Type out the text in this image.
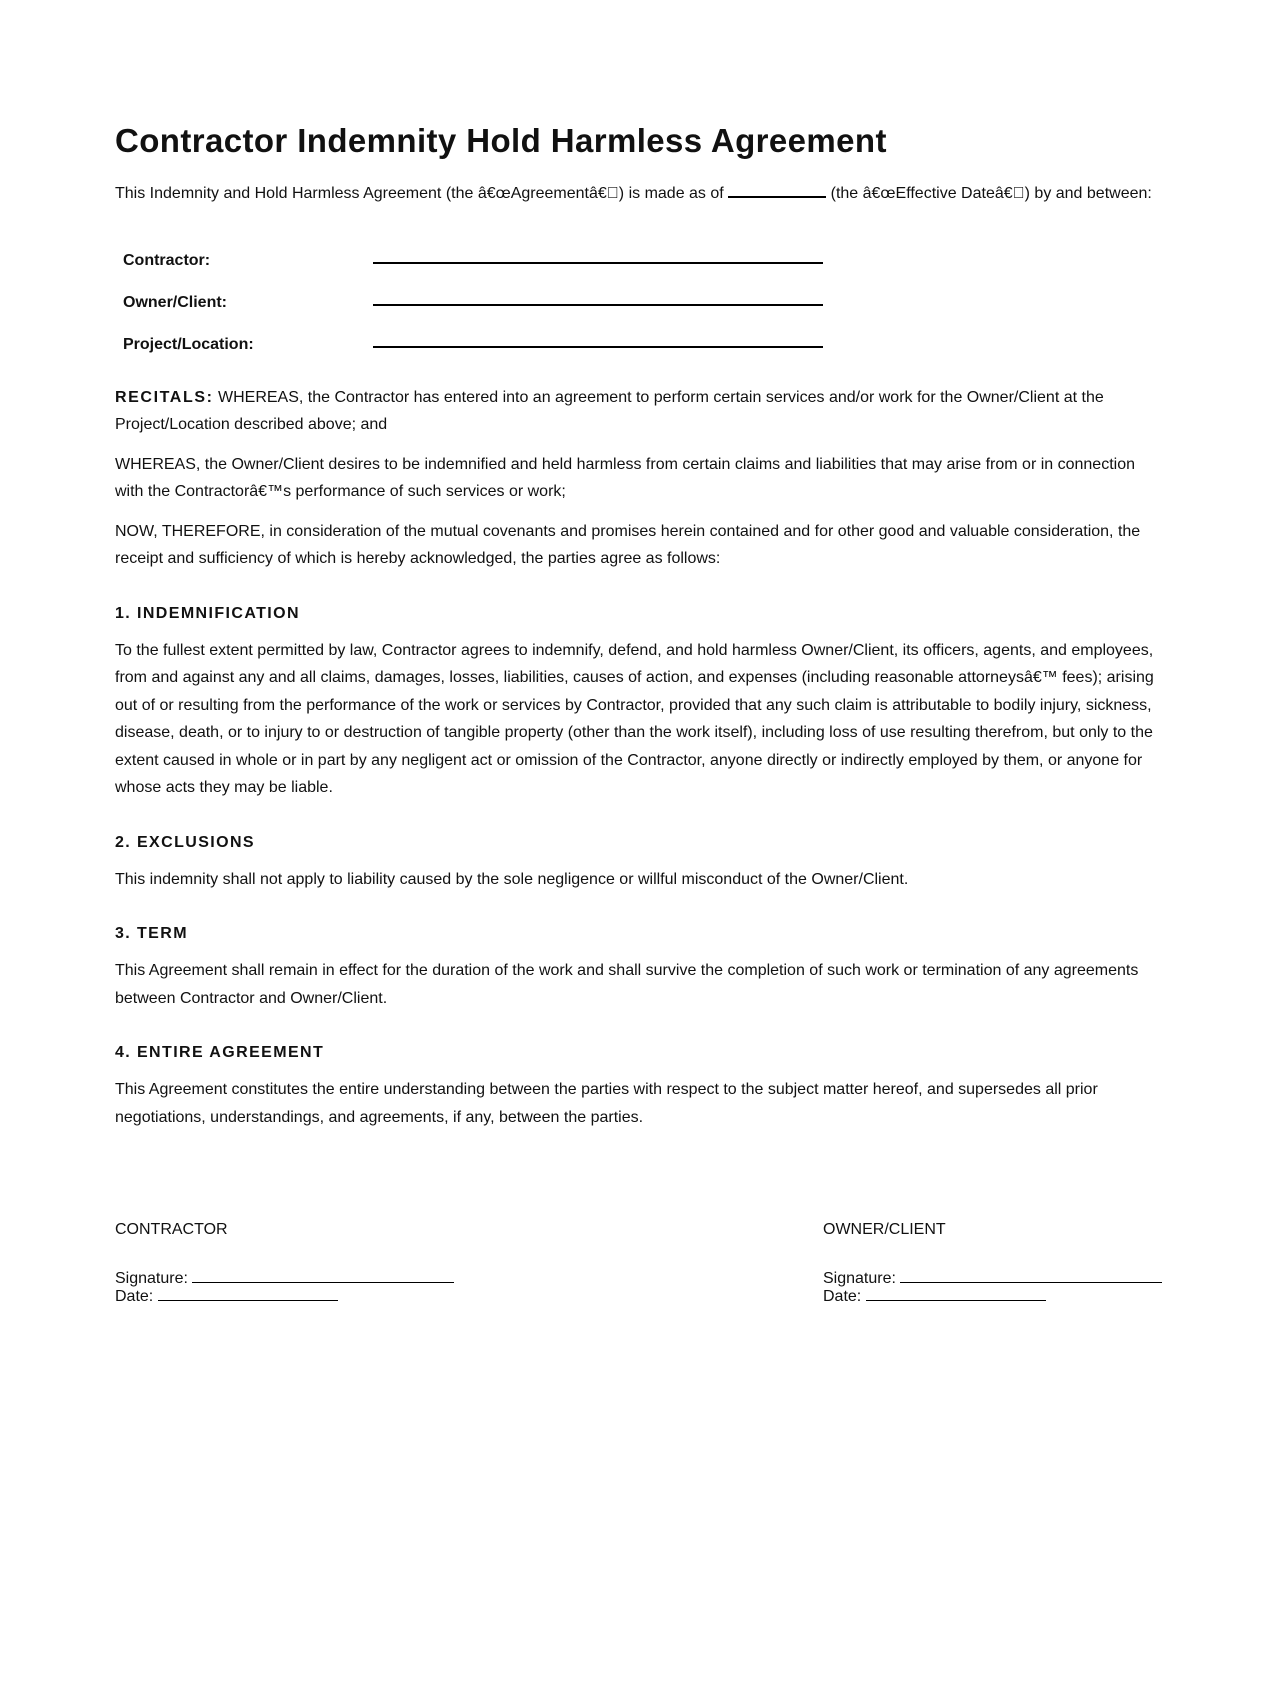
Contractor Indemnity Hold Harmless Agreement

This Indemnity and Hold Harmless Agreement (the â€œAgreementâ€ ) is made as of	(the â€œEffective Dateâ€ ) by and between:

Contractor:
Owner/Client:
Project/Location:

RECITALS: WHEREAS, the Contractor has entered into an agreement to perform certain services and/or work for the Owner/Client at the Project/Location described above; and

WHEREAS, the Owner/Client desires to be indemnified and held harmless from certain claims and liabilities that may arise from or in connection with the Contractorâ€™s performance of such services or work;

NOW, THEREFORE, in consideration of the mutual covenants and promises herein contained and for other good and valuable consideration, the receipt and sufficiency of which is hereby acknowledged, the parties agree as follows:

1. INDEMNIFICATION

To the fullest extent permitted by law, Contractor agrees to indemnify, defend, and hold harmless Owner/Client, its officers, agents, and employees, from and against any and all claims, damages, losses, liabilities, causes of action, and expenses (including reasonable attorneysâ€™ fees); arising out of or resulting from the performance of the work or services by Contractor, provided that any such claim is attributable to bodily injury, sickness, disease, death, or to injury to or destruction of tangible property (other than the work itself), including loss of use resulting therefrom, but only to the extent caused in whole or in part by any negligent act or omission of the Contractor, anyone directly or indirectly employed by them, or anyone for whose acts they may be liable.

2. EXCLUSIONS

This indemnity shall not apply to liability caused by the sole negligence or willful misconduct of the Owner/Client.

3. TERM

This Agreement shall remain in effect for the duration of the work and shall survive the completion of such work or termination of any agreements between Contractor and Owner/Client.

4. ENTIRE AGREEMENT

This Agreement constitutes the entire understanding between the parties with respect to the subject matter hereof, and supersedes all prior negotiations, understandings, and agreements, if any, between the parties.

CONTRACTOR
Signature:
Date:
OWNER/CLIENT
Signature:
Date:
